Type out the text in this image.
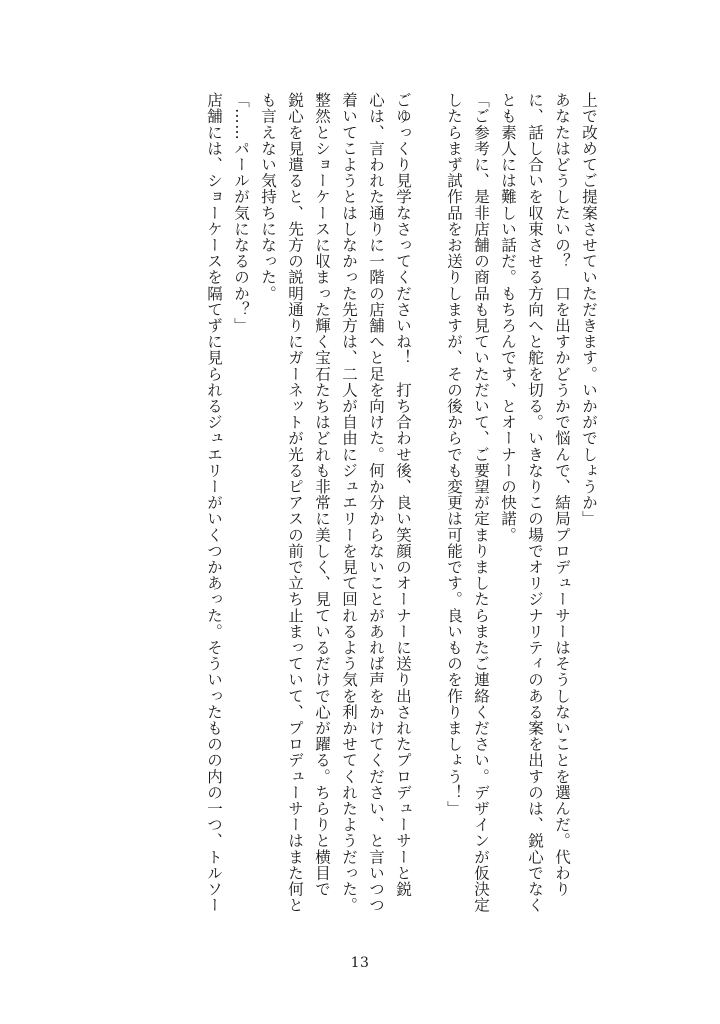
上で改めてご提案させていただきます。いかがでしょうか」
あなたはどうしたいの？　口を出すかどうかで悩んで、結局プロデューサーはそうしないことを選んだ。代わり
に、話し合いを収束させる方向へと舵を切る。いきなりこの場でオリジナリティのある案を出すのは、鋭心でなく
とも素人には難しい話だ。もちろんです、とオーナーの快諾。
「ご参考に、是非店舗の商品も見ていただいて、ご要望が定まりましたらまたご連絡ください。デザインが仮決定
したらまず試作品をお送りしますが、その後からでも変更は可能です。良いものを作りましょう！」
ごゆっくり見学なさってくださいね！　打ち合わせ後、良い笑顔のオーナーに送り出されたプロデューサーと鋭
心は、言われた通りに一階の店舗へと足を向けた。何か分からないことがあれば声をかけてください、と言いつつ
着いてこようとはしなかった先方は、二人が自由にジュエリーを見て回れるよう気を利かせてくれたようだった。
整然とショーケースに収まった輝く宝石たちはどれも非常に美しく、見ているだけで心が躍る。ちらりと横目で
鋭心を見遣ると、先方の説明通りにガーネットが光るピアスの前で立ち止まっていて、プロデューサーはまた何と
も言えない気持ちになった。
「……パールが気になるのか？」
店舗には、ショーケースを隔てずに見られるジュエリーがいくつかあった。そういったものの内の一つ、トルソー
13
